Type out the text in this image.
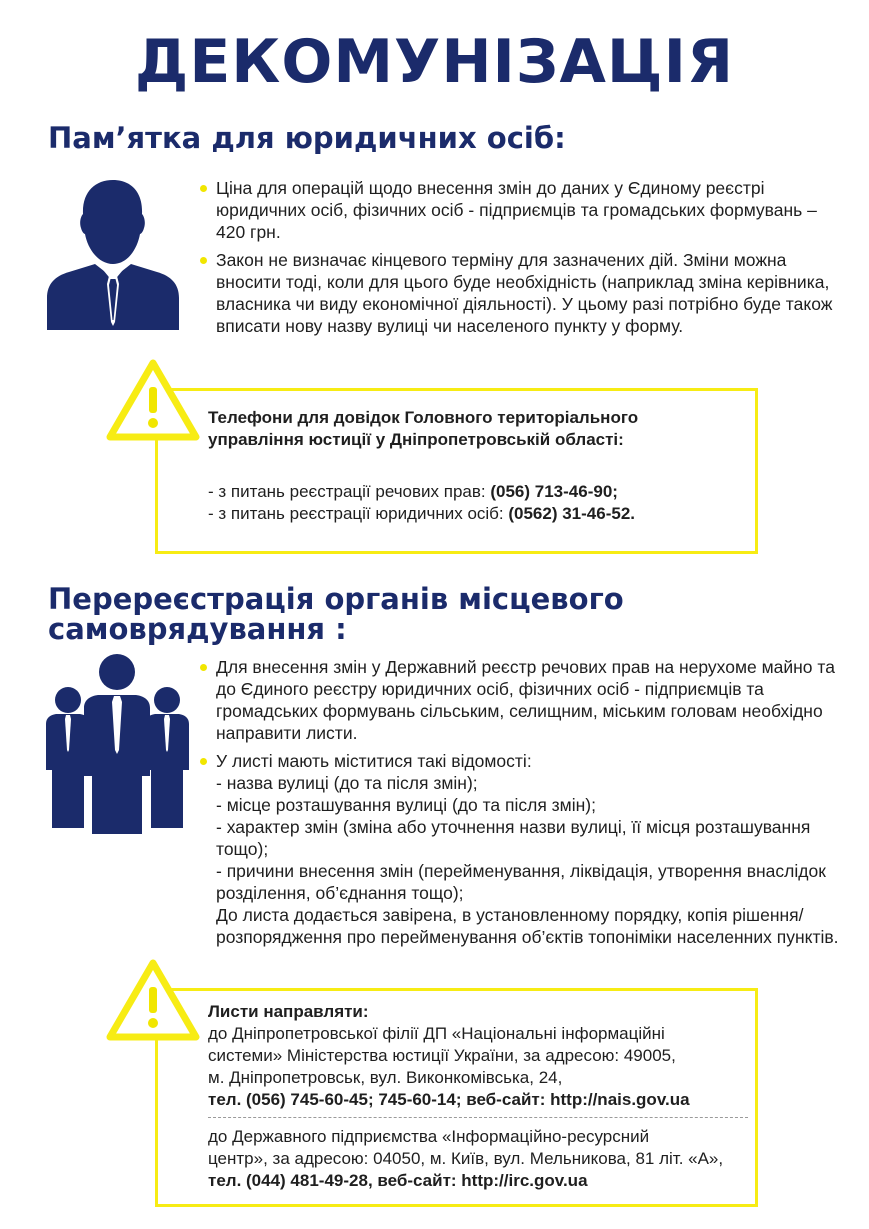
ДЕКОМУНІЗАЦІЯ
Пам’ятка для юридичних осіб:

Ціна для операцій щодо внесення змін до даних у Єдиному реєстрі юридичних осіб, фізичних осіб - підприємців та громадських формувань – 420 грн.

Закон не визначає кінцевого терміну для зазначених дій. Зміни можна вносити тоді, коли для цього буде необхідність (наприклад зміна керівника, власника чи виду економічної діяльності). У цьому разі потрібно буде також вписати нову назву вулиці чи населеного пункту у форму.

Телефони для довідок Головного територіального
управління юстиції у Дніпропетровській області:
- з питань реєстрації речових прав: (056) 713-46-90;
- з питань реєстрації юридичних осіб: (0562) 31-46-52.
Перереєстрація органів місцевого
самоврядування :

Для внесення змін у Державний реєстр речових прав на нерухоме майно та до Єдиного реєстру юридичних осіб, фізичних осіб - підприємців та громадських формувань сільським, селищним, міським головам необхідно направити листи.

У листі мають міститися такі відомості:
- назва вулиці (до та після змін);
- місце розташування вулиці (до та після змін);
- характер змін (зміна або уточнення назви вулиці, її місця розташування тощо);
- причини внесення змін (перейменування, ліквідація, утворення внаслідок розділення, об’єднання тощо);
До листа додається завірена, в установленному порядку, копія рішення/розпорядження про перейменування об’єктів топоніміки населенних пунктів.
Листи направляти:
до Дніпропетровської філії ДП «Національні інформаційні
системи» Міністерства юстиції України, за адресою: 49005,
м. Дніпропетровськ, вул. Виконкомівська, 24,
тел. (056) 745-60-45; 745-60-14; веб-сайт: http://nais.gov.ua
до Державного підприємства «Інформаційно-ресурсний
центр», за адресою: 04050, м. Київ, вул. Мельникова, 81 літ. «А»,
тел. (044) 481-49-28, веб-сайт: http://irc.gov.ua
